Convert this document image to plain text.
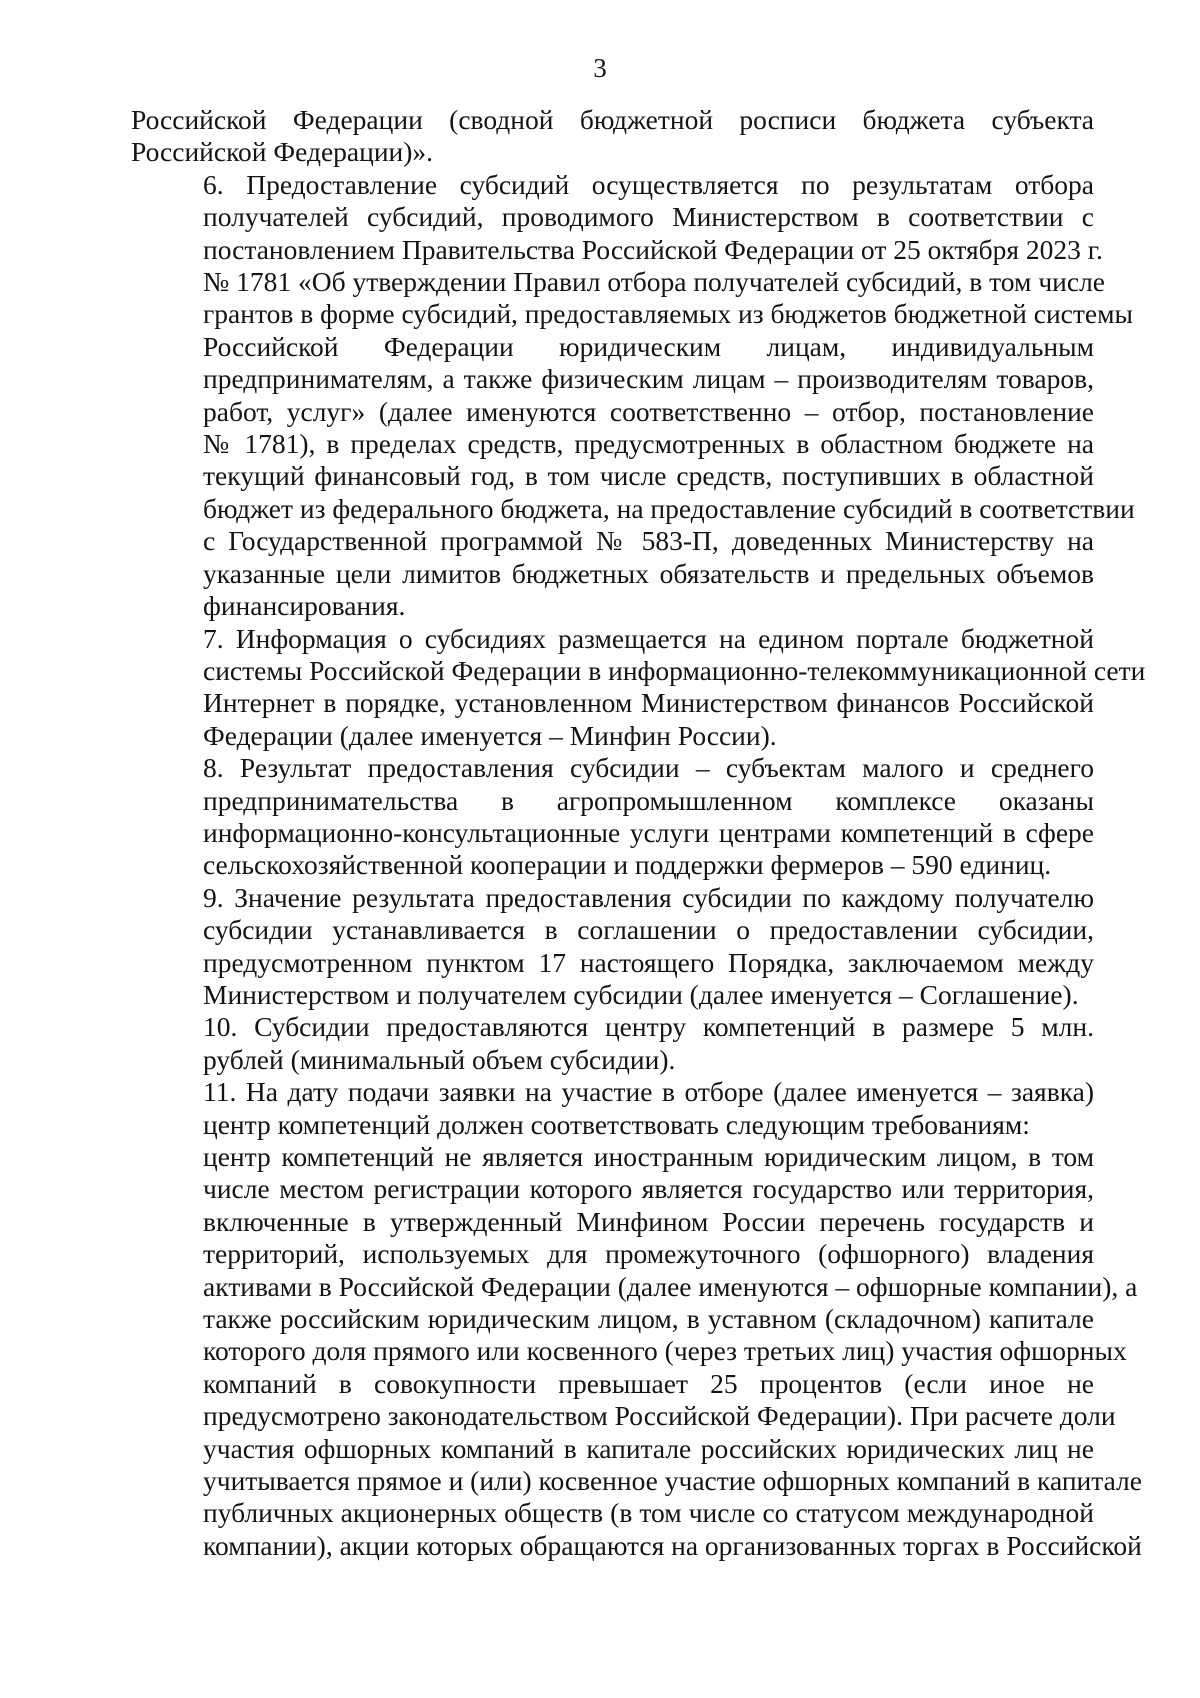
3
Российской Федерации (сводной бюджетной росписи бюджета субъекта
Российской Федерации)».
6. Предоставление субсидий осуществляется по результатам отбора
получателей субсидий, проводимого Министерством в соответствии с
постановлением Правительства Российской Федерации от 25 октября 2023 г.
№ 1781 «Об утверждении Правил отбора получателей субсидий, в том числе
грантов в форме субсидий, предоставляемых из бюджетов бюджетной системы
Российской Федерации юридическим лицам, индивидуальным
предпринимателям, а также физическим лицам – производителям товаров,
работ, услуг» (далее именуются соответственно – отбор, постановление
№ 1781), в пределах средств, предусмотренных в областном бюджете на
текущий финансовый год, в том числе средств, поступивших в областной
бюджет из федерального бюджета, на предоставление субсидий в соответствии
с Государственной программой № 583-П, доведенных Министерству на
указанные цели лимитов бюджетных обязательств и предельных объемов
финансирования.
7. Информация о субсидиях размещается на едином портале бюджетной
системы Российской Федерации в информационно-телекоммуникационной сети
Интернет в порядке, установленном Министерством финансов Российской
Федерации (далее именуется – Минфин России).
8. Результат предоставления субсидии – субъектам малого и среднего
предпринимательства в агропромышленном комплексе оказаны
информационно-консультационные услуги центрами компетенций в сфере
сельскохозяйственной кооперации и поддержки фермеров – 590 единиц.
9. Значение результата предоставления субсидии по каждому получателю
субсидии устанавливается в соглашении о предоставлении субсидии,
предусмотренном пунктом 17 настоящего Порядка, заключаемом между
Министерством и получателем субсидии (далее именуется – Соглашение).
10. Субсидии предоставляются центру компетенций в размере 5 млн.
рублей (минимальный объем субсидии).
11. На дату подачи заявки на участие в отборе (далее именуется – заявка)
центр компетенций должен соответствовать следующим требованиям:
центр компетенций не является иностранным юридическим лицом, в том
числе местом регистрации которого является государство или территория,
включенные в утвержденный Минфином России перечень государств и
территорий, используемых для промежуточного (офшорного) владения
активами в Российской Федерации (далее именуются – офшорные компании), а
также российским юридическим лицом, в уставном (складочном) капитале
которого доля прямого или косвенного (через третьих лиц) участия офшорных
компаний в совокупности превышает 25 процентов (если иное не
предусмотрено законодательством Российской Федерации). При расчете доли
участия офшорных компаний в капитале российских юридических лиц не
учитывается прямое и (или) косвенное участие офшорных компаний в капитале
публичных акционерных обществ (в том числе со статусом международной
компании), акции которых обращаются на организованных торгах в Российской
